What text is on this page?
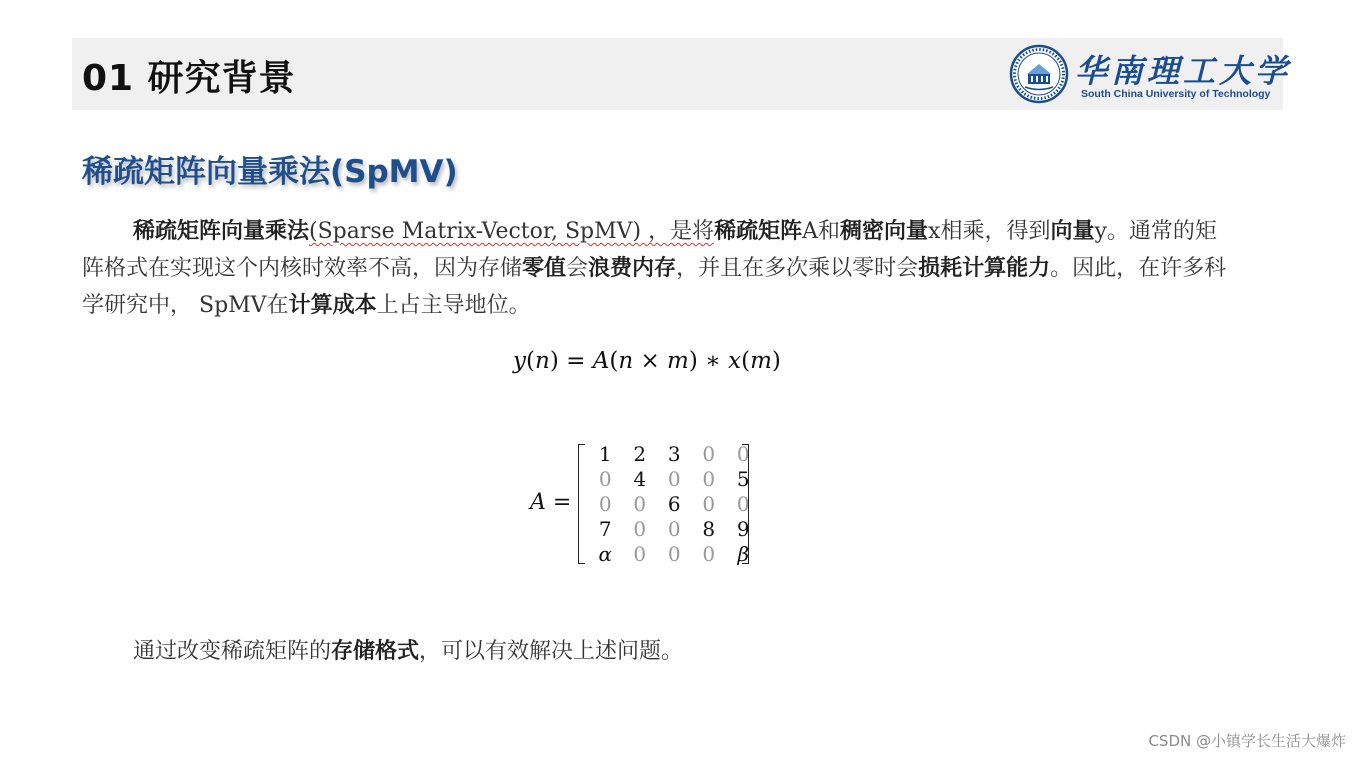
01 研究背景	华南理工大学
South China University of Technology
稀疏矩阵向量乘法(SpMV)
稀疏矩阵向量乘法(Sparse Matrix-Vector, SpMV) ，是将稀疏矩阵A和稠密向量x相乘，得到向量y。通常的矩阵格式在实现这个内核时效率不高，因为存储零值会浪费内存，并且在多次乘以零时会损耗计算能力。因此，在许多科学研究中， SpMV在计算成本上占主导地位。
y(n) = A(n × m) ∗ x(m)
A =
1	2	3	0	0
0	4	0	0	5
0	0	6	0	0
7	0	0	8	9
α	0	0	0	β
通过改变稀疏矩阵的存储格式，可以有效解决上述问题。
CSDN @小镇学长生活大爆炸
